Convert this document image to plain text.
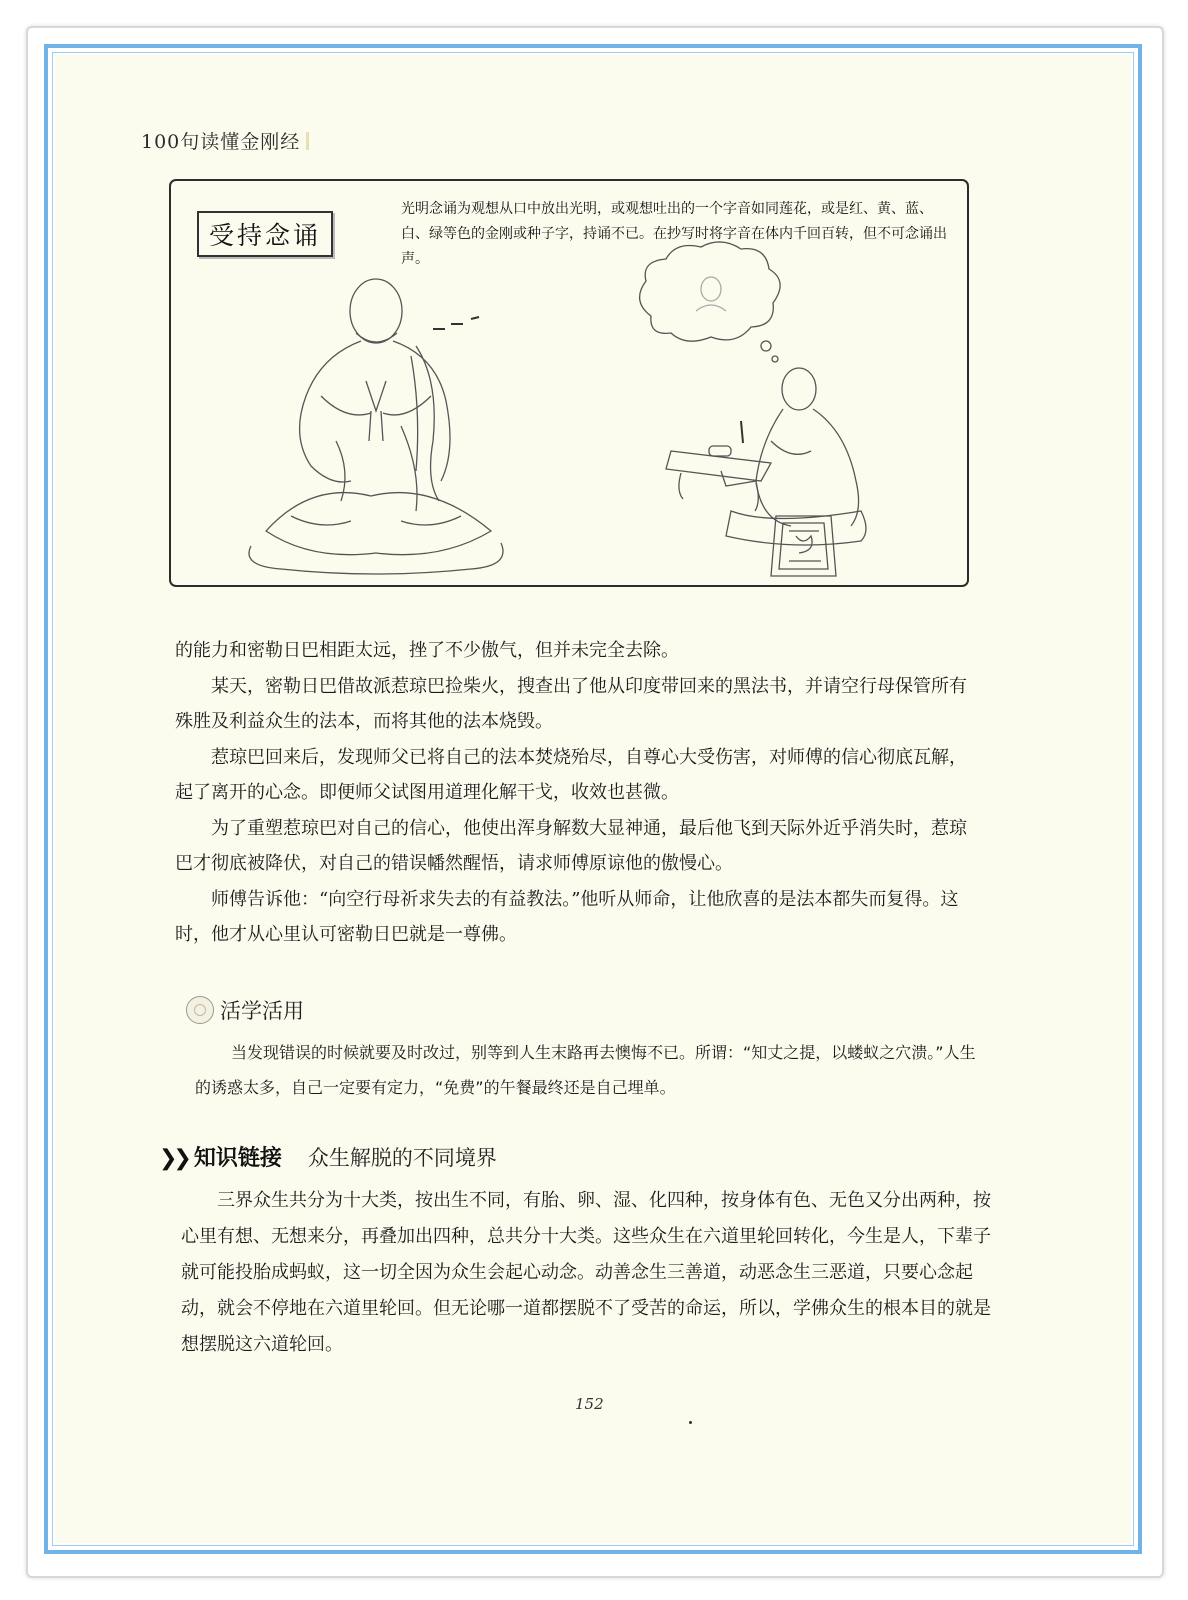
100句读懂金刚经
受持念诵
光明念诵为观想从口中放出光明，或观想吐出的一个字音如同莲花，或是红、黄、蓝、白、绿等色的金刚或种子字，持诵不已。在抄写时将字音在体内千回百转，但不可念诵出声。

的能力和密勒日巴相距太远，挫了不少傲气，但并未完全去除。

某天，密勒日巴借故派惹琼巴捡柴火，搜查出了他从印度带回来的黑法书，并请空行母保管所有殊胜及利益众生的法本，而将其他的法本烧毁。

惹琼巴回来后，发现师父已将自己的法本焚烧殆尽，自尊心大受伤害，对师傅的信心彻底瓦解，起了离开的心念。即便师父试图用道理化解干戈，收效也甚微。

为了重塑惹琼巴对自己的信心，他使出浑身解数大显神通，最后他飞到天际外近乎消失时，惹琼巴才彻底被降伏，对自己的错误幡然醒悟，请求师傅原谅他的傲慢心。

师傅告诉他：“向空行母祈求失去的有益教法。”他听从师命，让他欣喜的是法本都失而复得。这时，他才从心里认可密勒日巴就是一尊佛。

活学活用

当发现错误的时候就要及时改过，别等到人生末路再去懊悔不已。所谓：“知丈之提，以蝼蚁之穴溃。”人生的诱惑太多，自己一定要有定力，“免费”的午餐最终还是自己埋单。

❯❯ 知识链接 众生解脱的不同境界

三界众生共分为十大类，按出生不同，有胎、卵、湿、化四种，按身体有色、无色又分出两种，按心里有想、无想来分，再叠加出四种，总共分十大类。这些众生在六道里轮回转化，今生是人，下辈子就可能投胎成蚂蚁，这一切全因为众生会起心动念。动善念生三善道，动恶念生三恶道，只要心念起动，就会不停地在六道里轮回。但无论哪一道都摆脱不了受苦的命运，所以，学佛众生的根本目的就是想摆脱这六道轮回。

152
